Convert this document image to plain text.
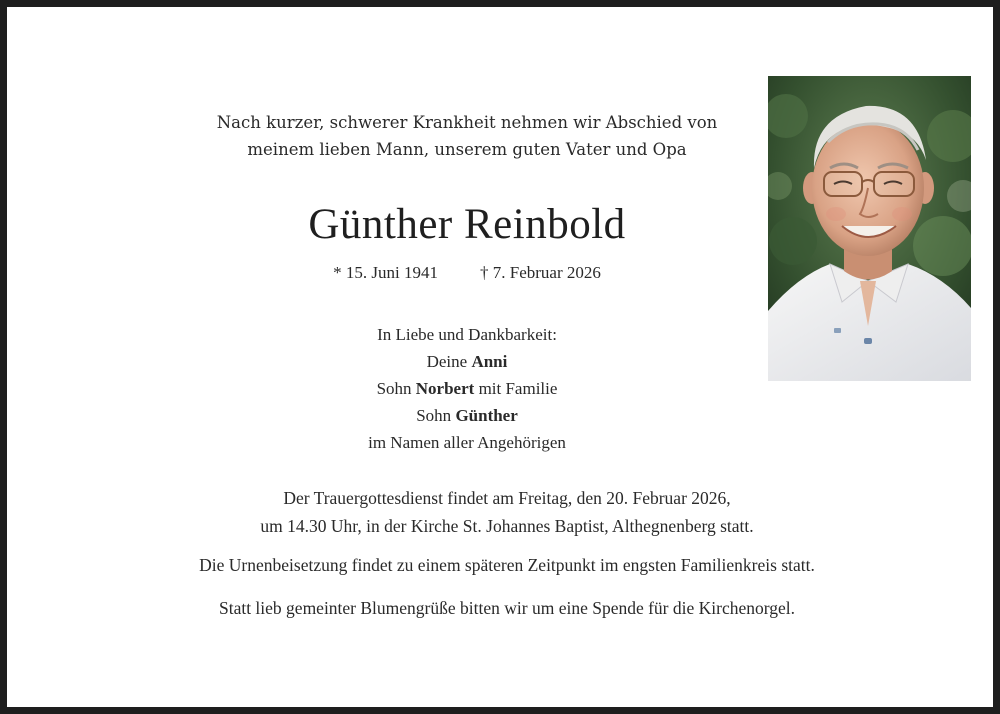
Nach kurzer, schwerer Krankheit nehmen wir Abschied von
meinem lieben Mann, unserem guten Vater und Opa
Günther Reinbold
* 15. Juni 1941 † 7. Februar 2026
In Liebe und Dankbarkeit:
Deine Anni
Sohn Norbert mit Familie
Sohn Günther
im Namen aller Angehörigen
Der Trauergottesdienst findet am Freitag, den 20. Februar 2026,
um 14.30 Uhr, in der Kirche St. Johannes Baptist, Althegnenberg statt.
Die Urnenbeisetzung findet zu einem späteren Zeitpunkt im engsten Familienkreis statt.
Statt lieb gemeinter Blumengrüße bitten wir um eine Spende für die Kirchenorgel.
